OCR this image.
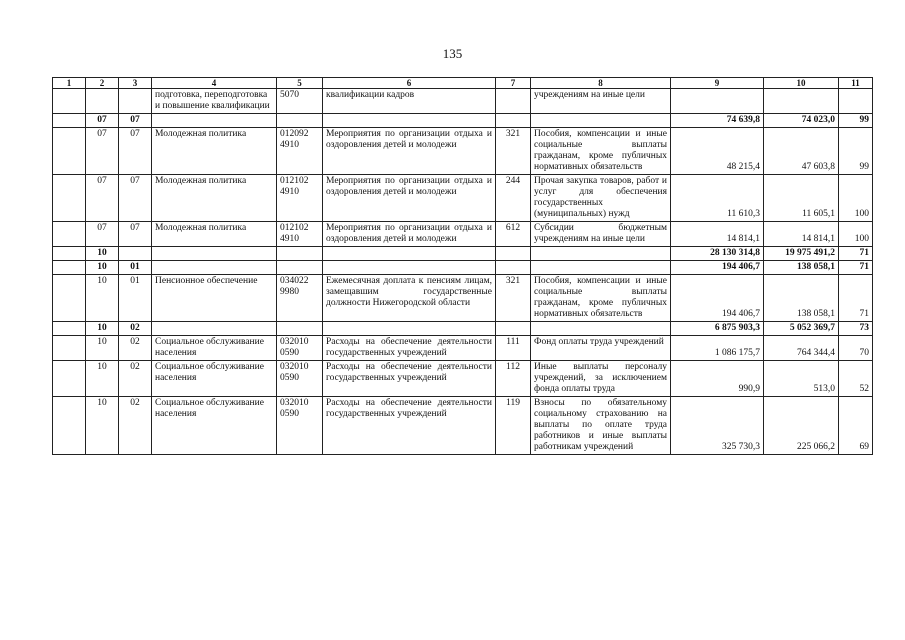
135
1	2	3	4	5	6	7	8	9	10	11
			подготовка, переподготовка и повышение квалификации	5070	квалификации кадров		учреждениям на иные цели			
	07	07						74 639,8	74 023,0	99
	07	07	Молодежная политика	012092 4910	Мероприятия по организации отдыха и оздоровления детей и молодежи	321	Пособия, компенсации и иные социальные выплаты гражданам, кроме публичных нормативных обязательств	48 215,4	47 603,8	99
	07	07	Молодежная политика	012102 4910	Мероприятия по организации отдыха и оздоровления детей и молодежи	244	Прочая закупка товаров, работ и услуг для обеспечения государственных (муниципальных) нужд	11 610,3	11 605,1	100
	07	07	Молодежная политика	012102 4910	Мероприятия по организации отдыха и оздоровления детей и молодежи	612	Субсидии бюджетным учреждениям на иные цели	14 814,1	14 814,1	100
	10							28 130 314,8	19 975 491,2	71
	10	01						194 406,7	138 058,1	71
	10	01	Пенсионное обеспечение	034022 9980	Ежемесячная доплата к пенсиям лицам, замещавшим государственные должности Нижегородской области	321	Пособия, компенсации и иные социальные выплаты гражданам, кроме публичных нормативных обязательств	194 406,7	138 058,1	71
	10	02						6 875 903,3	5 052 369,7	73
	10	02	Социальное обслуживание населения	032010 0590	Расходы на обеспечение деятельности государственных учреждений	111	Фонд оплаты труда учреждений	1 086 175,7	764 344,4	70
	10	02	Социальное обслуживание населения	032010 0590	Расходы на обеспечение деятельности государственных учреждений	112	Иные выплаты персоналу учреждений, за исключением фонда оплаты труда	990,9	513,0	52
	10	02	Социальное обслуживание населения	032010 0590	Расходы на обеспечение деятельности государственных учреждений	119	Взносы по обязательному социальному страхованию на выплаты по оплате труда работников и иные выплаты работникам учреждений	325 730,3	225 066,2	69
